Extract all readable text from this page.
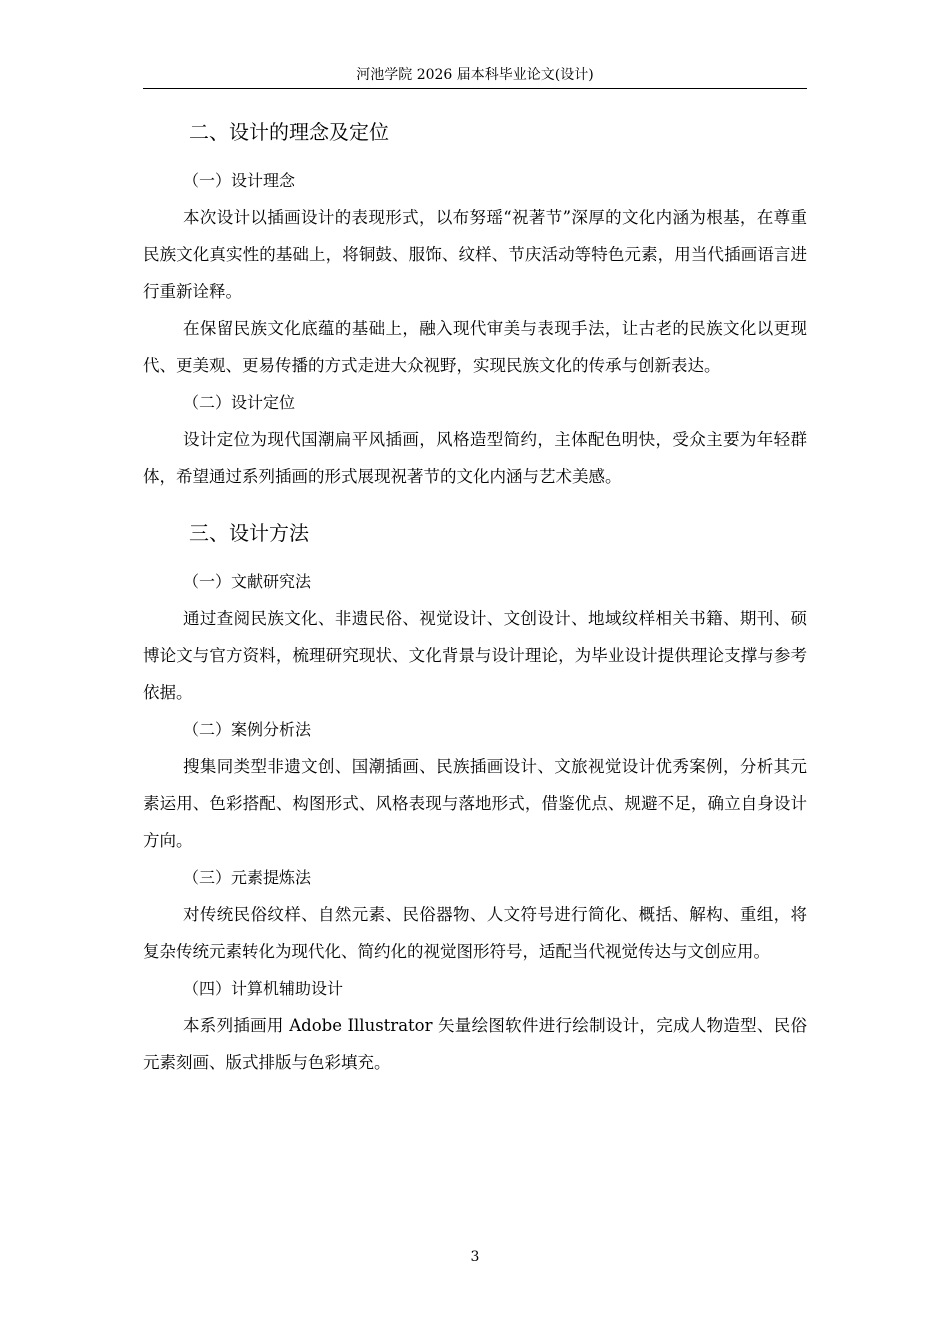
河池学院 2026 届本科毕业论文(设计)
二、设计的理念及定位
（一）设计理念

本次设计以插画设计的表现形式，以布努瑶“祝著节”深厚的文化内涵为根基，在尊重民族文化真实性的基础上，将铜鼓、服饰、纹样、节庆活动等特色元素，用当代插画语言进行重新诠释。

在保留民族文化底蕴的基础上，融入现代审美与表现手法，让古老的民族文化以更现代、更美观、更易传播的方式走进大众视野，实现民族文化的传承与创新表达。

（二）设计定位

设计定位为现代国潮扁平风插画，风格造型简约，主体配色明快，受众主要为年轻群体，希望通过系列插画的形式展现祝著节的文化内涵与艺术美感。

三、设计方法
（一）文献研究法

通过查阅民族文化、非遗民俗、视觉设计、文创设计、地域纹样相关书籍、期刊、硕博论文与官方资料，梳理研究现状、文化背景与设计理论，为毕业设计提供理论支撑与参考依据。

（二）案例分析法

搜集同类型非遗文创、国潮插画、民族插画设计、文旅视觉设计优秀案例，分析其元素运用、色彩搭配、构图形式、风格表现与落地形式，借鉴优点、规避不足，确立自身设计方向。

（三）元素提炼法

对传统民俗纹样、自然元素、民俗器物、人文符号进行简化、概括、解构、重组，将复杂传统元素转化为现代化、简约化的视觉图形符号，适配当代视觉传达与文创应用。

（四）计算机辅助设计

本系列插画用 Adobe Illustrator 矢量绘图软件进行绘制设计，完成人物造型、民俗元素刻画、版式排版与色彩填充。

3
